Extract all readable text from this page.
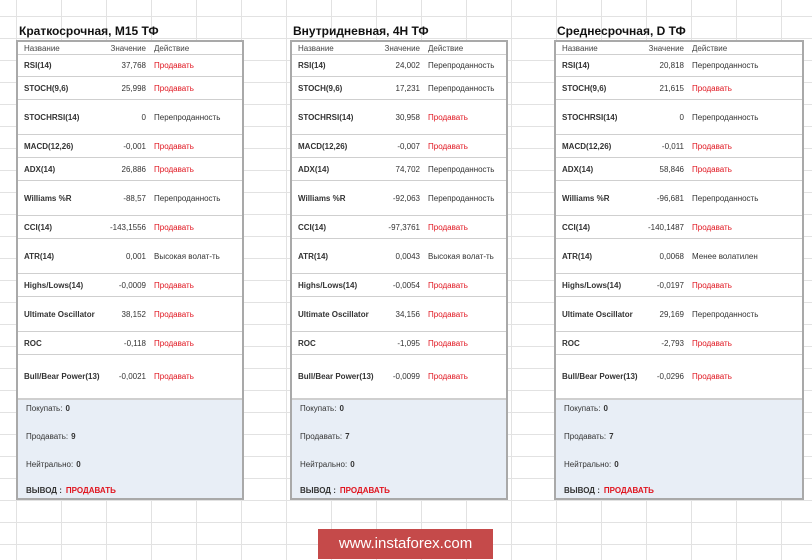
Краткосрочная, M15 ТФ
Название	Значение	Действие
RSI(14)	37,768	Продавать
STOCH(9,6)	25,998	Продавать
STOCHRSI(14)	0	Перепроданность
MACD(12,26)	-0,001	Продавать
ADX(14)	26,886	Продавать
Williams %R	-88,57	Перепроданность
CCI(14)	-143,1556	Продавать
ATR(14)	0,001	Высокая волат-ть
Highs/Lows(14)	-0,0009	Продавать
Ultimate Oscillator	38,152	Продавать
ROC	-0,118	Продавать
Bull/Bear Power(13)	-0,0021	Продавать
Покупать: 0
Продавать: 9
Нейтрально: 0
ВЫВОД : ПРОДАВАТЬ
Внутридневная, 4H ТФ
Название	Значение	Действие
RSI(14)	24,002	Перепроданность
STOCH(9,6)	17,231	Перепроданность
STOCHRSI(14)	30,958	Продавать
MACD(12,26)	-0,007	Продавать
ADX(14)	74,702	Перепроданность
Williams %R	-92,063	Перепроданность
CCI(14)	-97,3761	Продавать
ATR(14)	0,0043	Высокая волат-ть
Highs/Lows(14)	-0,0054	Продавать
Ultimate Oscillator	34,156	Продавать
ROC	-1,095	Продавать
Bull/Bear Power(13)	-0,0099	Продавать
Покупать: 0
Продавать: 7
Нейтрально: 0
ВЫВОД : ПРОДАВАТЬ
Среднесрочная, D ТФ
Название	Значение	Действие
RSI(14)	20,818	Перепроданность
STOCH(9,6)	21,615	Продавать
STOCHRSI(14)	0	Перепроданность
MACD(12,26)	-0,011	Продавать
ADX(14)	58,846	Продавать
Williams %R	-96,681	Перепроданность
CCI(14)	-140,1487	Продавать
ATR(14)	0,0068	Менее волатилен
Highs/Lows(14)	-0,0197	Продавать
Ultimate Oscillator	29,169	Перепроданность
ROC	-2,793	Продавать
Bull/Bear Power(13)	-0,0296	Продавать
Покупать: 0
Продавать: 7
Нейтрально: 0
ВЫВОД : ПРОДАВАТЬ
www.instaforex.com
